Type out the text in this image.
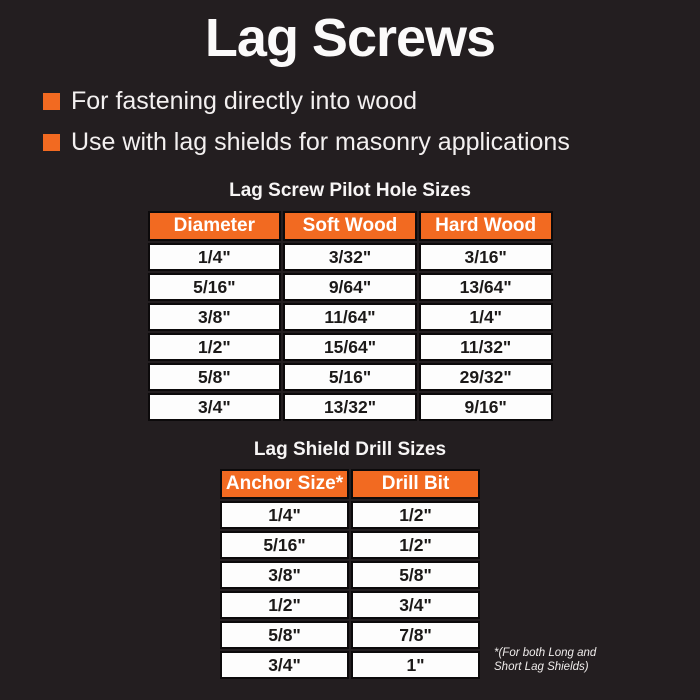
Lag Screws
For fastening directly into wood
Use with lag shields for masonry applications
Lag Screw Pilot Hole Sizes
Diameter	Soft Wood	Hard Wood
1/4"	3/32"	3/16"
5/16"	9/64"	13/64"
3/8"	11/64"	1/4"
1/2"	15/64"	11/32"
5/8"	5/16"	29/32"
3/4"	13/32"	9/16"
Lag Shield Drill Sizes
Anchor Size*	Drill Bit
1/4"	1/2"
5/16"	1/2"
3/8"	5/8"
1/2"	3/4"
5/8"	7/8"
3/4"	1"
*(For both Long and
Short Lag Shields)
